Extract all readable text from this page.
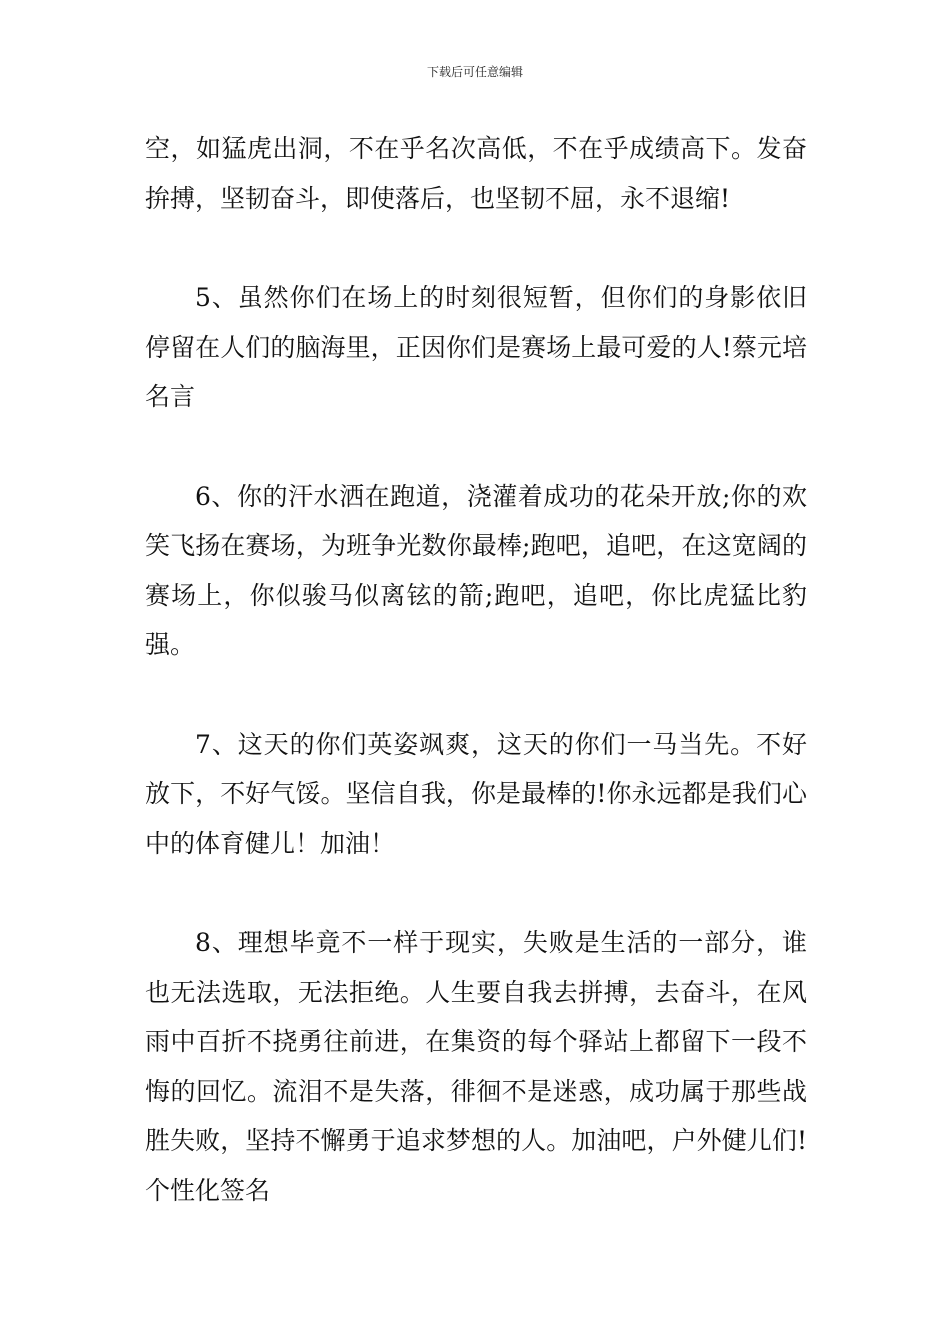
下载后可任意编辑

空，如猛虎出洞，不在乎名次高低，不在乎成绩高下。发奋拚搏，坚韧奋斗，即使落后，也坚韧不屈，永不退缩!

5、虽然你们在场上的时刻很短暂，但你们的身影依旧停留在人们的脑海里，正因你们是赛场上最可爱的人!蔡元培名言

6、你的汗水洒在跑道，浇灌着成功的花朵开放;你的欢笑飞扬在赛场，为班争光数你最棒;跑吧，追吧，在这宽阔的赛场上，你似骏马似离铉的箭;跑吧，追吧，你比虎猛比豹强。

7、这天的你们英姿飒爽，这天的你们一马当先。不好放下，不好气馁。坚信自我，你是最棒的!你永远都是我们心中的体育健儿！加油！

8、理想毕竟不一样于现实，失败是生活的一部分，谁也无法选取，无法拒绝。人生要自我去拼搏，去奋斗，在风雨中百折不挠勇往前进，在集资的每个驿站上都留下一段不悔的回忆。流泪不是失落，徘徊不是迷惑，成功属于那些战胜失败，坚持不懈勇于追求梦想的人。加油吧，户外健儿们!个性化签名
